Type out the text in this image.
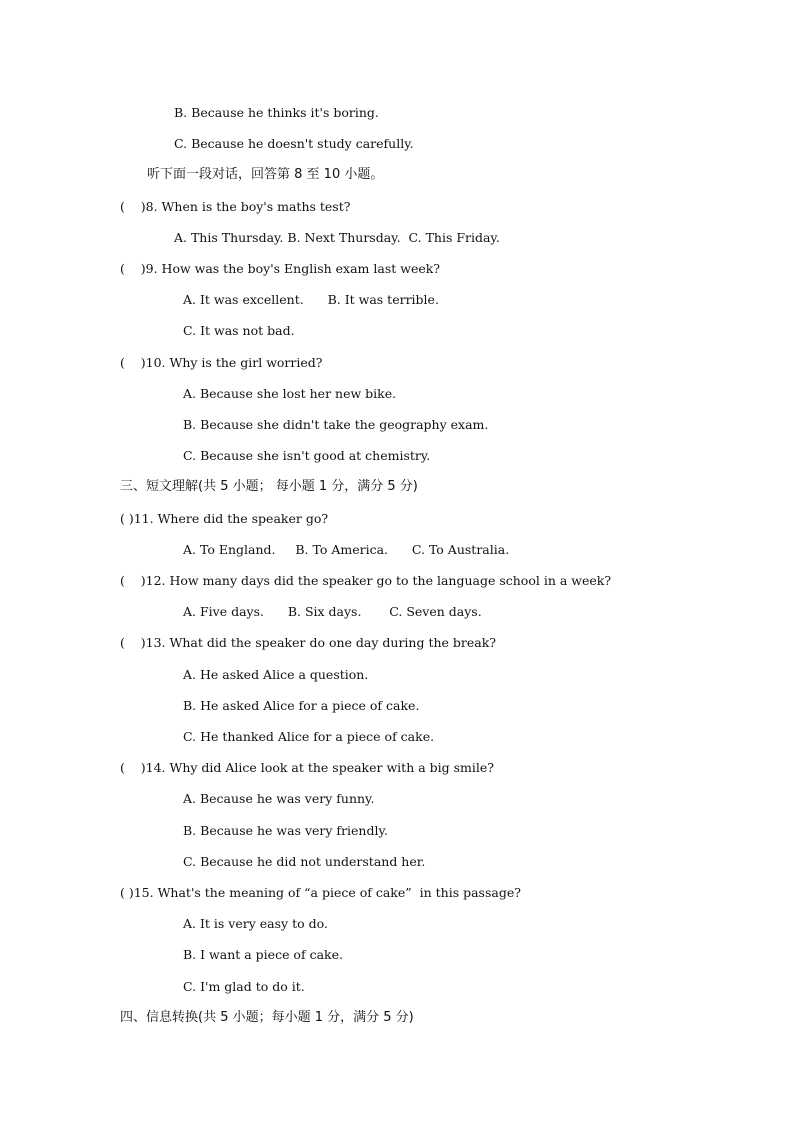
B. Because he thinks it's boring.
C. Because he doesn't study carefully.
听下面一段对话，回答第 8 至 10 小题。
(    )8. When is the boy's maths test?
A. This Thursday. B. Next Thursday.  C. This Friday.
(    )9. How was the boy's English exam last week?
A. It was excellent.      B. It was terrible.
C. It was not bad.
(    )10. Why is the girl worried?
A. Because she lost her new bike.
B. Because she didn't take the geography exam.
C. Because she isn't good at chemistry.
三、短文理解(共 5 小题； 每小题 1 分，满分 5 分)
( )11. Where did the speaker go?
A. To England.     B. To America.      C. To Australia.
(    )12. How many days did the speaker go to the language school in a week?
A. Five days.      B. Six days.       C. Seven days.
(    )13. What did the speaker do one day during the break?
A. He asked Alice a question.
B. He asked Alice for a piece of cake.
C. He thanked Alice for a piece of cake.
(    )14. Why did Alice look at the speaker with a big smile?
A. Because he was very funny.
B. Because he was very friendly.
C. Because he did not understand her.
( )15. What's the meaning of “a piece of cake”  in this passage?
A. It is very easy to do.
B. I want a piece of cake.
C. I'm glad to do it.
四、信息转换(共 5 小题；每小题 1 分，满分 5 分)
